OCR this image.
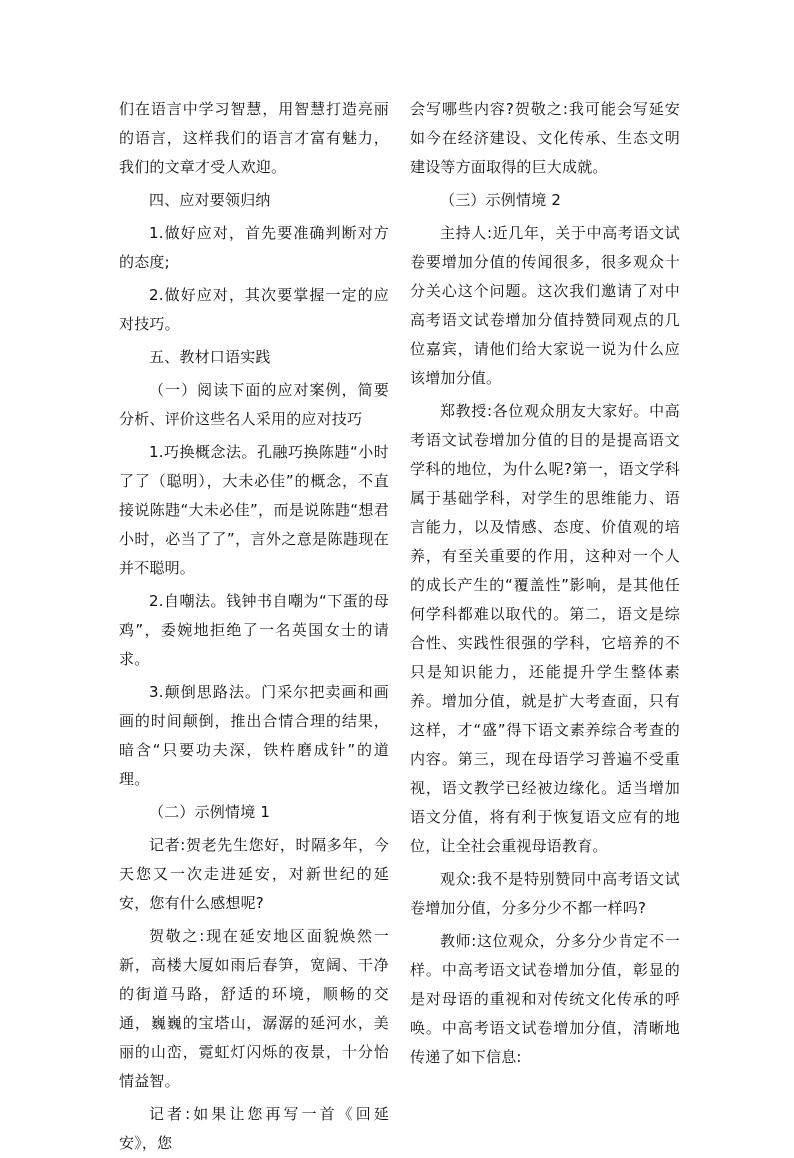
们在语言中学习智慧，用智慧打造亮丽的语言，这样我们的语言才富有魅力，我们的文章才受人欢迎。

四、应对要领归纳

1.做好应对，首先要准确判断对方的态度;

2.做好应对，其次要掌握一定的应对技巧。

五、教材口语实践

（一）阅读下面的应对案例，简要分析、评价这些名人采用的应对技巧

1.巧换概念法。孔融巧换陈韪“小时了了（聪明），大未必佳”的概念，不直接说陈韪“大未必佳”，而是说陈韪“想君小时，必当了了”，言外之意是陈韪现在并不聪明。

2.自嘲法。钱钟书自嘲为“下蛋的母鸡”，委婉地拒绝了一名英国女士的请求。

3.颠倒思路法。门采尔把卖画和画画的时间颠倒，推出合情合理的结果，暗含“只要功夫深，铁杵磨成针”的道理。

（二）示例情境 1

记者:贺老先生您好，时隔多年，今天您又一次走进延安，对新世纪的延安，您有什么感想呢?

贺敬之:现在延安地区面貌焕然一新，高楼大厦如雨后春笋，宽阔、干净的街道马路，舒适的环境，顺畅的交通，巍巍的宝塔山，潺潺的延河水，美丽的山峦，霓虹灯闪烁的夜景，十分怡情益智。

记者:如果让您再写一首《回延安》，您

会写哪些内容?贺敬之:我可能会写延安如今在经济建设、文化传承、生态文明建设等方面取得的巨大成就。

（三）示例情境 2

主持人:近几年，关于中高考语文试卷要增加分值的传闻很多，很多观众十分关心这个问题。这次我们邀请了对中高考语文试卷增加分值持赞同观点的几位嘉宾，请他们给大家说一说为什么应该增加分值。

郑教授:各位观众朋友大家好。中高考语文试卷增加分值的目的是提高语文学科的地位，为什么呢?第一，语文学科属于基础学科，对学生的思维能力、语言能力，以及情感、态度、价值观的培养，有至关重要的作用，这种对一个人的成长产生的“覆盖性”影响，是其他任何学科都难以取代的。第二，语文是综合性、实践性很强的学科，它培养的不只是知识能力，还能提升学生整体素养。增加分值，就是扩大考查面，只有这样，才“盛”得下语文素养综合考查的内容。第三，现在母语学习普遍不受重视，语文教学已经被边缘化。适当增加语文分值，将有利于恢复语文应有的地位，让全社会重视母语教育。

观众:我不是特别赞同中高考语文试卷增加分值，分多分少不都一样吗?

教师:这位观众，分多分少肯定不一样。中高考语文试卷增加分值，彰显的是对母语的重视和对传统文化传承的呼唤。中高考语文试卷增加分值，清晰地传递了如下信息:
